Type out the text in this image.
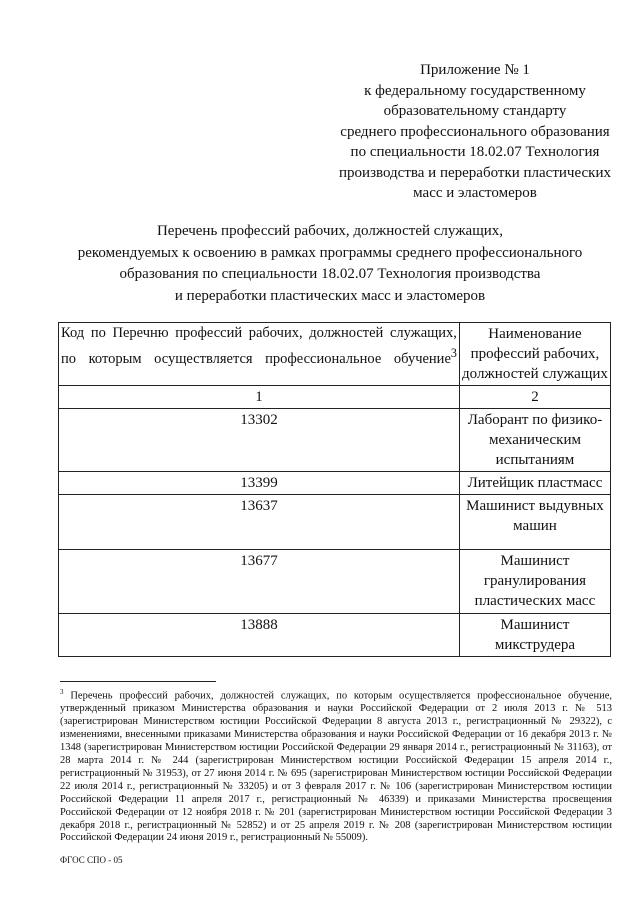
Приложение № 1
к федеральному государственному
образовательному стандарту
среднего профессионального образования
по специальности 18.02.07 Технология
производства и переработки пластических
масс и эластомеров
Перечень профессий рабочих, должностей служащих,
рекомендуемых к освоению в рамках программы среднего профессионального
образования по специальности 18.02.07 Технология производства
и переработки пластических масс и эластомеров
Код по Перечню профессий рабочих, должностей служащих, по которым осуществляется профессиональное обучение$^3$	Наименование профессий рабочих, должностей служащих
1	2
13302	Лаборант по физико-механическим испытаниям
13399	Литейщик пластмасс
13637	Машинист выдувных машин
13677	Машинист гранулирования пластических масс
13888	Машинист микструдера
$^3$ Перечень профессий рабочих, должностей служащих, по которым осуществляется профессиональное обучение, утвержденный приказом Министерства образования и науки Российской Федерации от 2 июля 2013 г. № 513 (зарегистрирован Министерством юстиции Российской Федерации 8 августа 2013 г., регистрационный № 29322), с изменениями, внесенными приказами Министерства образования и науки Российской Федерации от 16 декабря 2013 г. № 1348 (зарегистрирован Министерством юстиции Российской Федерации 29 января 2014 г., регистрационный № 31163), от 28 марта 2014 г. № 244 (зарегистрирован Министерством юстиции Российской Федерации 15 апреля 2014 г., регистрационный № 31953), от 27 июня 2014 г. № 695 (зарегистрирован Министерством юстиции Российской Федерации 22 июля 2014 г., регистрационный № 33205) и от 3 февраля 2017 г. № 106 (зарегистрирован Министерством юстиции Российской Федерации 11 апреля 2017 г., регистрационный № 46339) и приказами Министерства просвещения Российской Федерации от 12 ноября 2018 г. № 201 (зарегистрирован Министерством юстиции Российской Федерации 3 декабря 2018 г., регистрационный № 52852) и от 25 апреля 2019 г. № 208 (зарегистрирован Министерством юстиции Российской Федерации 24 июня 2019 г., регистрационный № 55009).
ФГОС СПО - 05
